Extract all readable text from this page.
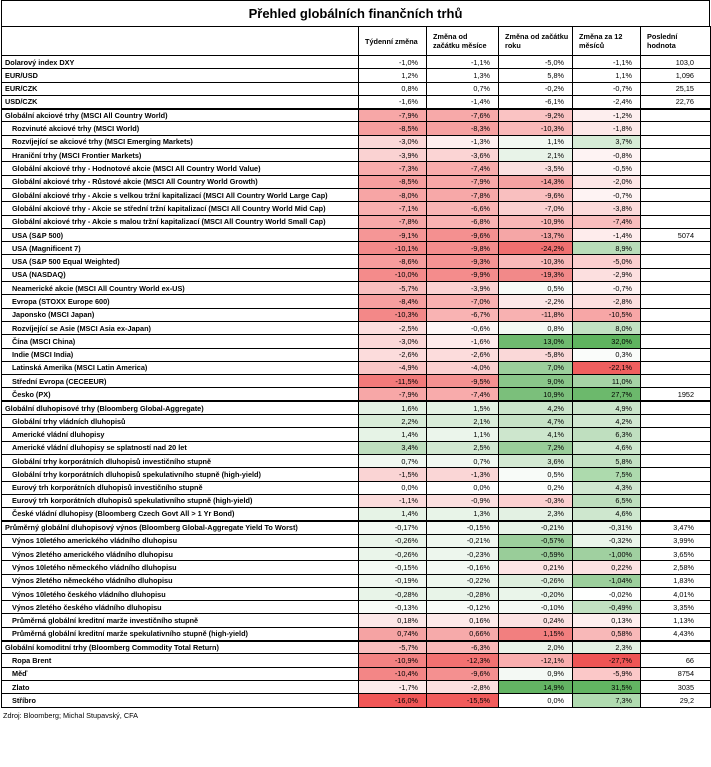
Přehled globálních finančních trhů
	Týdenní změna	Změna od začátku měsíce	Změna od začátku roku	Změna za 12 měsíců	Poslední hodnota
Dolarový index DXY	-1,0%	-1,1%	-5,0%	-1,1%	103,0
EUR/USD	1,2%	1,3%	5,8%	1,1%	1,096
EUR/CZK	0,8%	0,7%	-0,2%	-0,7%	25,15
USD/CZK	-1,6%	-1,4%	-6,1%	-2,4%	22,76
Globální akciové trhy (MSCI All Country World)	-7,9%	-7,6%	-9,2%	-1,2%	
Rozvinuté akciové trhy (MSCI World)	-8,5%	-8,3%	-10,3%	-1,8%	
Rozvíjející se akciové trhy (MSCI Emerging Markets)	-3,0%	-1,3%	1,1%	3,7%	
Hraniční trhy (MSCI Frontier Markets)	-3,9%	-3,6%	2,1%	-0,8%	
Globální akciové trhy - Hodnotové akcie (MSCI All Country World Value)	-7,3%	-7,4%	-3,5%	-0,5%	
Globální akciové trhy - Růstové akcie (MSCI All Country World Growth)	-8,5%	-7,9%	-14,3%	-2,0%	
Globální akciové trhy - Akcie s velkou tržní kapitalizací (MSCI All Country World Large Cap)	-8,0%	-7,8%	-9,6%	-0,7%	
Globální akciové trhy - Akcie se střední tržní kapitalizací (MSCI All Country World Mid Cap)	-7,1%	-6,6%	-7,0%	-3,8%	
Globální akciové trhy - Akcie s malou tržní kapitalizací (MSCI All Country World Small Cap)	-7,8%	-6,8%	-10,9%	-7,4%	
USA (S&P 500)	-9,1%	-9,6%	-13,7%	-1,4%	5074
USA (Magnificent 7)	-10,1%	-9,8%	-24,2%	8,9%	
USA (S&P 500 Equal Weighted)	-8,6%	-9,3%	-10,3%	-5,0%	
USA (NASDAQ)	-10,0%	-9,9%	-19,3%	-2,9%	
Neamerické akcie (MSCI All Country World ex-US)	-5,7%	-3,9%	0,5%	-0,7%	
Evropa (STOXX Europe 600)	-8,4%	-7,0%	-2,2%	-2,8%	
Japonsko (MSCI Japan)	-10,3%	-6,7%	-11,8%	-10,5%	
Rozvíjející se Asie (MSCI Asia ex-Japan)	-2,5%	-0,6%	0,8%	8,0%	
Čína (MSCI China)	-3,0%	-1,6%	13,0%	32,0%	
Indie (MSCI India)	-2,6%	-2,6%	-5,8%	0,3%	
Latinská Amerika (MSCI Latin America)	-4,9%	-4,0%	7,0%	-22,1%	
Střední Evropa (CECEEUR)	-11,5%	-9,5%	9,0%	11,0%	
Česko (PX)	-7,9%	-7,4%	10,9%	27,7%	1952
Globální dluhopisové trhy (Bloomberg Global-Aggregate)	1,6%	1,5%	4,2%	4,9%	
Globální trhy vládních dluhopisů	2,2%	2,1%	4,7%	4,2%	
Americké vládní dluhopisy	1,4%	1,1%	4,1%	6,3%	
Americké vládní dluhopisy se splatností nad 20 let	3,4%	2,5%	7,2%	4,6%	
Globální trhy korporátních dluhopisů investičního stupně	0,7%	0,7%	3,6%	5,8%	
Globální trhy korporátních dluhopisů spekulativního stupně (high-yield)	-1,5%	-1,3%	0,5%	7,5%	
Eurový trh korporátních dluhopisů investičního stupně	0,0%	0,0%	0,2%	4,3%	
Eurový trh korporátních dluhopisů spekulativního stupně (high-yield)	-1,1%	-0,9%	-0,3%	6,5%	
České vládní dluhopisy (Bloomberg Czech Govt All > 1 Yr Bond)	1,4%	1,3%	2,3%	4,6%	
Průměrný globální dluhopisový výnos (Bloomberg Global-Aggregate Yield To Worst)	-0,17%	-0,15%	-0,21%	-0,31%	3,47%
Výnos 10letého amerického vládního dluhopisu	-0,26%	-0,21%	-0,57%	-0,32%	3,99%
Výnos 2letého amerického vládního dluhopisu	-0,26%	-0,23%	-0,59%	-1,00%	3,65%
Výnos 10letého německého vládního dluhopisu	-0,15%	-0,16%	0,21%	0,22%	2,58%
Výnos 2letého německého vládního dluhopisu	-0,19%	-0,22%	-0,26%	-1,04%	1,83%
Výnos 10letého českého vládního dluhopisu	-0,28%	-0,28%	-0,20%	-0,02%	4,01%
Výnos 2letého českého vládního dluhopisu	-0,13%	-0,12%	-0,10%	-0,49%	3,35%
Průměrná globální kreditní marže investičního stupně	0,18%	0,16%	0,24%	0,13%	1,13%
Průměrná globální kreditní marže spekulativního stupně (high-yield)	0,74%	0,66%	1,15%	0,58%	4,43%
Globální komoditní trhy (Bloomberg Commodity Total Return)	-5,7%	-6,3%	2,0%	2,3%	
Ropa Brent	-10,9%	-12,3%	-12,1%	-27,7%	66
Měď	-10,4%	-9,6%	0,9%	-5,9%	8754
Zlato	-1,7%	-2,8%	14,9%	31,5%	3035
Stříbro	-16,0%	-15,5%	0,0%	7,3%	29,2
Zdroj: Bloomberg; Michal Stupavský, CFA
